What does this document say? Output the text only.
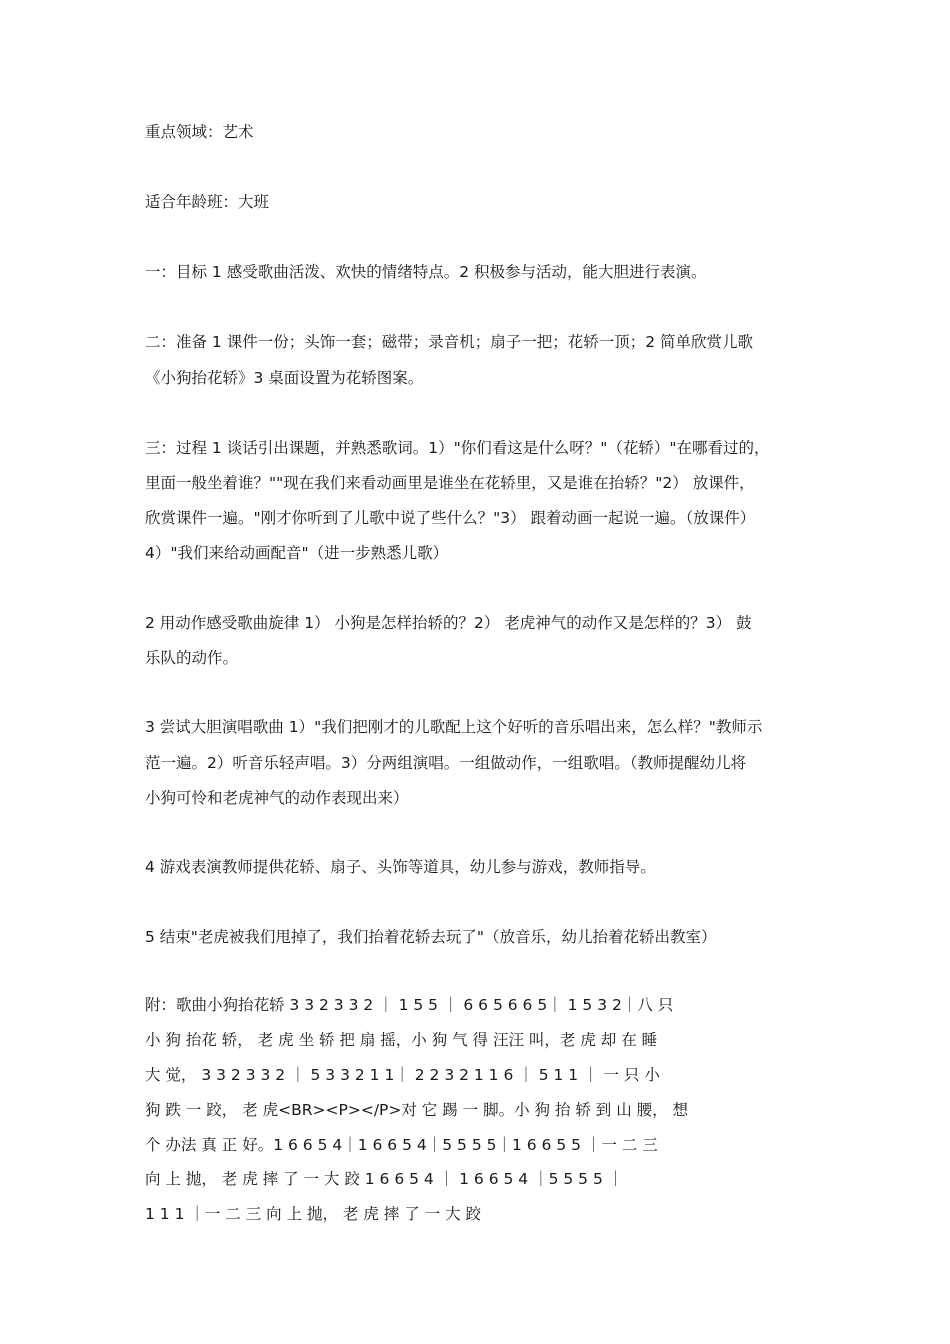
重点领域：艺术
适合年龄班：大班
一：目标 1 感受歌曲活泼、欢快的情绪特点。2 积极参与活动，能大胆进行表演。
二：准备 1 课件一份；头饰一套；磁带；录音机；扇子一把；花轿一顶；2 简单欣赏儿歌
《小狗抬花轿》3 桌面设置为花轿图案。
三：过程 1 谈话引出课题，并熟悉歌词。1）"你们看这是什么呀？"（花轿）"在哪看过的，
里面一般坐着谁？""现在我们来看动画里是谁坐在花轿里，又是谁在抬轿？"2） 放课件，
欣赏课件一遍。"刚才你听到了儿歌中说了些什么？"3） 跟着动画一起说一遍。（放课件）
4）"我们来给动画配音"（进一步熟悉儿歌）
2 用动作感受歌曲旋律 1） 小狗是怎样抬轿的？2） 老虎神气的动作又是怎样的？3） 鼓
乐队的动作。
3 尝试大胆演唱歌曲 1）"我们把刚才的儿歌配上这个好听的音乐唱出来，怎么样？"教师示
范一遍。2）听音乐轻声唱。3）分两组演唱。一组做动作，一组歌唱。（教师提醒幼儿将
小狗可怜和老虎神气的动作表现出来）
4 游戏表演教师提供花轿、扇子、头饰等道具，幼儿参与游戏，教师指导。
5 结束"老虎被我们甩掉了，我们抬着花轿去玩了"（放音乐，幼儿抬着花轿出教室）
附：歌曲小狗抬花轿 3 3 2 3 3 2 ｜ 1 5 5 ｜ 6 6 5 6 6 5｜ 1 5 3 2｜八 只
小 狗 抬花 轿， 老 虎 坐 轿 把 扇 摇，小 狗 气 得 汪汪 叫，老 虎 却 在 睡
大 觉， 3 3 2 3 3 2 ｜ 5 3 3 2 1 1｜ 2 2 3 2 1 1 6 ｜ 5 1 1 ｜ 一 只 小
狗 跌 一 跤， 老 虎<BR><P></P>对 它 踢 一 脚。小 狗 抬 轿 到 山 腰， 想
个 办法 真 正 好。1 6 6 5 4｜1 6 6 5 4｜5 5 5 5｜1 6 6 5 5 ｜一 二 三
向 上 抛， 老 虎 摔 了 一 大 跤 1 6 6 5 4 ｜ 1 6 6 5 4 ｜5 5 5 5 ｜
1 1 1 ｜一 二 三 向 上 抛， 老 虎 摔 了 一 大 跤
